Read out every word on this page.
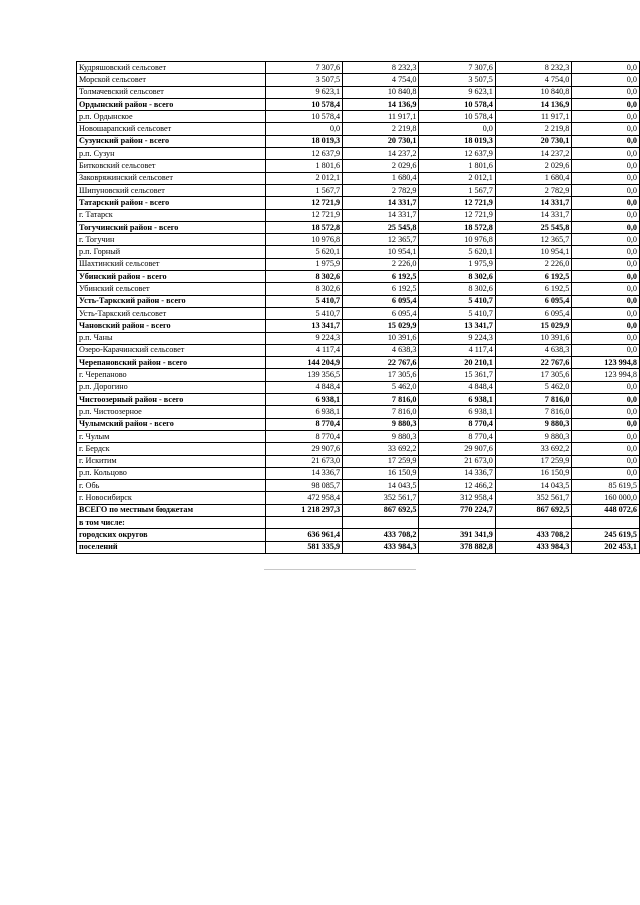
Кудряшовский сельсовет	7 307,6	8 232,3	7 307,6	8 232,3	0,0
Морской сельсовет	3 507,5	4 754,0	3 507,5	4 754,0	0,0
Толмачевский сельсовет	9 623,1	10 840,8	9 623,1	10 840,8	0,0
Ордынский район - всего	10 578,4	14 136,9	10 578,4	14 136,9	0,0
р.п. Ордынское	10 578,4	11 917,1	10 578,4	11 917,1	0,0
Новошарапский сельсовет	0,0	2 219,8	0,0	2 219,8	0,0
Сузунский район - всего	18 019,3	20 730,1	18 019,3	20 730,1	0,0
р.п. Сузун	12 637,9	14 237,2	12 637,9	14 237,2	0,0
Битковский сельсовет	1 801,6	2 029,6	1 801,6	2 029,6	0,0
Заковряжинский сельсовет	2 012,1	1 680,4	2 012,1	1 680,4	0,0
Шипуновский сельсовет	1 567,7	2 782,9	1 567,7	2 782,9	0,0
Татарский район - всего	12 721,9	14 331,7	12 721,9	14 331,7	0,0
г. Татарск	12 721,9	14 331,7	12 721,9	14 331,7	0,0
Тогучинский район - всего	18 572,8	25 545,8	18 572,8	25 545,8	0,0
г. Тогучин	10 976,8	12 365,7	10 976,8	12 365,7	0,0
р.п. Горный	5 620,1	10 954,1	5 620,1	10 954,1	0,0
Шахтинский сельсовет	1 975,9	2 226,0	1 975,9	2 226,0	0,0
Убинский район - всего	8 302,6	6 192,5	8 302,6	6 192,5	0,0
Убинский сельсовет	8 302,6	6 192,5	8 302,6	6 192,5	0,0
Усть-Таркский район - всего	5 410,7	6 095,4	5 410,7	6 095,4	0,0
Усть-Таркский сельсовет	5 410,7	6 095,4	5 410,7	6 095,4	0,0
Чановский район - всего	13 341,7	15 029,9	13 341,7	15 029,9	0,0
р.п. Чаны	9 224,3	10 391,6	9 224,3	10 391,6	0,0
Озеро-Карачинский сельсовет	4 117,4	4 638,3	4 117,4	4 638,3	0,0
Черепановский район - всего	144 204,9	22 767,6	20 210,1	22 767,6	123 994,8
г. Черепаново	139 356,5	17 305,6	15 361,7	17 305,6	123 994,8
р.п. Дорогино	4 848,4	5 462,0	4 848,4	5 462,0	0,0
Чистоозерный район - всего	6 938,1	7 816,0	6 938,1	7 816,0	0,0
р.п. Чистоозерное	6 938,1	7 816,0	6 938,1	7 816,0	0,0
Чулымский район - всего	8 770,4	9 880,3	8 770,4	9 880,3	0,0
г. Чулым	8 770,4	9 880,3	8 770,4	9 880,3	0,0
г. Бердск	29 907,6	33 692,2	29 907,6	33 692,2	0,0
г. Искитим	21 673,0	17 259,9	21 673,0	17 259,9	0,0
р.п. Кольцово	14 336,7	16 150,9	14 336,7	16 150,9	0,0
г. Обь	98 085,7	14 043,5	12 466,2	14 043,5	85 619,5
г. Новосибирск	472 958,4	352 561,7	312 958,4	352 561,7	160 000,0
ВСЕГО по местным бюджетам	1 218 297,3	867 692,5	770 224,7	867 692,5	448 072,6
в том числе:					
городских округов	636 961,4	433 708,2	391 341,9	433 708,2	245 619,5
поселений	581 335,9	433 984,3	378 882,8	433 984,3	202 453,1
